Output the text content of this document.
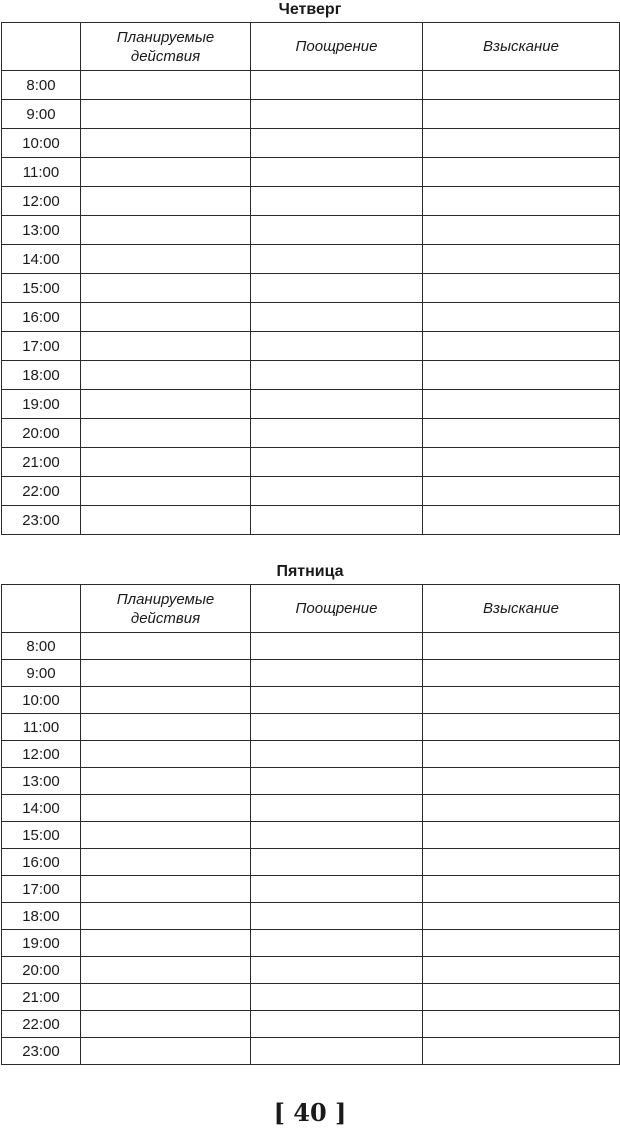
Четверг
	Планируемые действия	Поощрение	Взыскание
8:00			
9:00			
10:00			
11:00			
12:00			
13:00			
14:00			
15:00			
16:00			
17:00			
18:00			
19:00			
20:00			
21:00			
22:00			
23:00			
Пятница
	Планируемые действия	Поощрение	Взыскание
8:00			
9:00			
10:00			
11:00			
12:00			
13:00			
14:00			
15:00			
16:00			
17:00			
18:00			
19:00			
20:00			
21:00			
22:00			
23:00			
[ 40 ]
